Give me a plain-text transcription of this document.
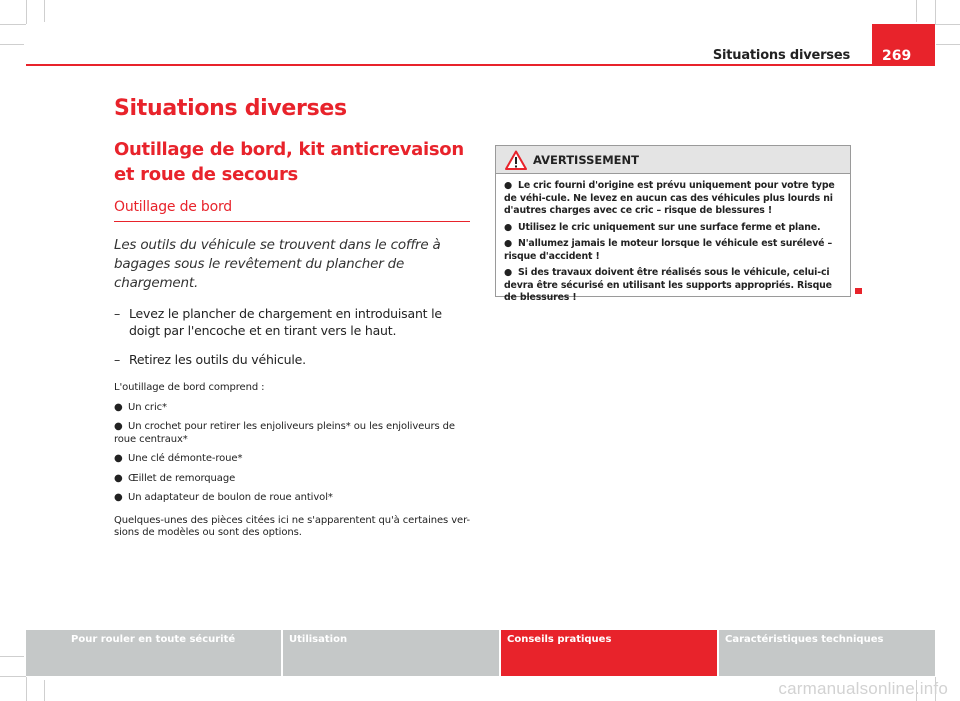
Situations diverses	269
Situations diverses
Outillage de bord, kit anticrevaison et roue de secours
Outillage de bord

Les outils du véhicule se trouvent dans le coffre à bagages sous le revêtement du plancher de chargement.

– Levez le plancher de chargement en introduisant le doigt par l'encoche et en tirant vers le haut.
– Retirez les outils du véhicule.
L'outillage de bord comprend :
● Un cric*
● Un crochet pour retirer les enjoliveurs pleins* ou les enjoliveurs de roue centraux*
● Une clé démonte-roue*
● Œillet de remorquage
● Un adaptateur de boulon de roue antivol*
Quelques-unes des pièces citées ici ne s'apparentent qu'à certaines ver-sions de modèles ou sont des options.
AVERTISSEMENT
● Le cric fourni d'origine est prévu uniquement pour votre type de véhi-cule. Ne levez en aucun cas des véhicules plus lourds ni d'autres charges avec ce cric – risque de blessures !
● Utilisez le cric uniquement sur une surface ferme et plane.
● N'allumez jamais le moteur lorsque le véhicule est surélevé – risque d'accident !
● Si des travaux doivent être réalisés sous le véhicule, celui-ci devra être sécurisé en utilisant les supports appropriés. Risque de blessures !
Pour rouler en toute sécurité	Utilisation	Conseils pratiques	Caractéristiques techniques
carmanualsonline.info
